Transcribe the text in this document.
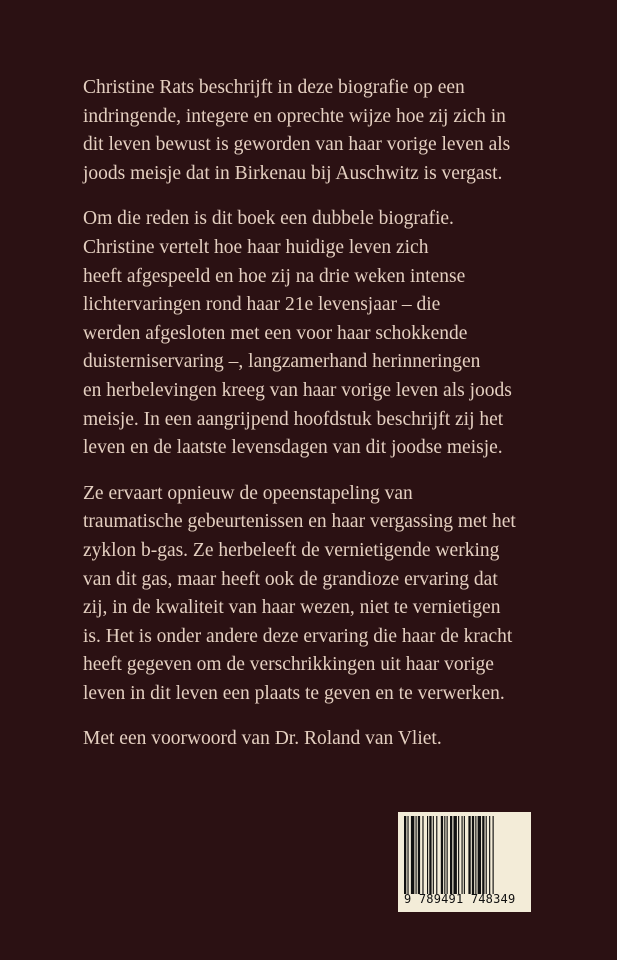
Christine Rats beschrijft in deze biografie op een
indringende, integere en oprechte wijze hoe zij zich in
dit leven bewust is geworden van haar vorige leven als
joods meisje dat in Birkenau bij Auschwitz is vergast.

Om die reden is dit boek een dubbele biografie.
Christine vertelt hoe haar huidige leven zich
heeft afgespeeld en hoe zij na drie weken intense
lichtervaringen rond haar 21e levensjaar – die
werden afgesloten met een voor haar schokkende
duisterniservaring –, langzamerhand herinneringen
en herbelevingen kreeg van haar vorige leven als joods
meisje. In een aangrijpend hoofdstuk beschrijft zij het
leven en de laatste levensdagen van dit joodse meisje.

Ze ervaart opnieuw de opeenstapeling van
traumatische gebeurtenissen en haar vergassing met het
zyklon b-gas. Ze herbeleeft de vernietigende werking
van dit gas, maar heeft ook de grandioze ervaring dat
zij, in de kwaliteit van haar wezen, niet te vernietigen
is. Het is onder andere deze ervaring die haar de kracht
heeft gegeven om de verschrikkingen uit haar vorige
leven in dit leven een plaats te geven en te verwerken.

Met een voorwoord van Dr. Roland van Vliet.

9 789491 748349
